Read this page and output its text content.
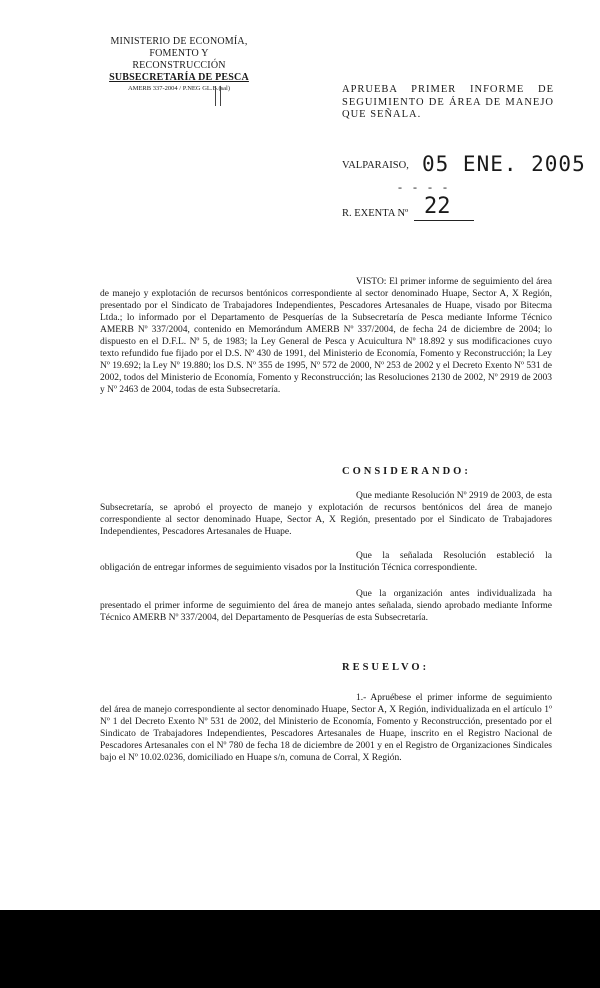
MINISTERIO DE ECONOMÍA,
FOMENTO Y RECONSTRUCCIÓN
SUBSECRETARÍA DE PESCA
AMERB 337-2004 / P.NEG GL.B.(sal)	APRUEBA PRIMER INFORME DE SEGUIMIENTO DE ÁREA DE MANEJO QUE SEÑALA.
VALPARAISO, 05 ENE. 2005
- - - -
R. EXENTA Nº 22
VISTO: El primer informe de seguimiento del área de manejo y explotación de recursos bentónicos correspondiente al sector denominado Huape, Sector A, X Región, presentado por el Sindicato de Trabajadores Independientes, Pescadores Artesanales de Huape, visado por Bitecma Ltda.; lo informado por el Departamento de Pesquerías de la Subsecretaría de Pesca mediante Informe Técnico AMERB Nº 337/2004, contenido en Memorándum AMERB Nº 337/2004, de fecha 24 de diciembre de 2004; lo dispuesto en el D.F.L. Nº 5, de 1983; la Ley General de Pesca y Acuicultura Nº 18.892 y sus modificaciones cuyo texto refundido fue fijado por el D.S. Nº 430 de 1991, del Ministerio de Economía, Fomento y Reconstrucción; la Ley Nº 19.692; la Ley Nº 19.880; los D.S. Nº 355 de 1995, Nº 572 de 2000, Nº 253 de 2002 y el Decreto Exento Nº 531 de 2002, todos del Ministerio de Economía, Fomento y Reconstrucción; las Resoluciones 2130 de 2002, Nº 2919 de 2003 y Nº 2463 de 2004, todas de esta Subsecretaría.
CONSIDERANDO:
Que mediante Resolución Nº 2919 de 2003, de esta Subsecretaría, se aprobó el proyecto de manejo y explotación de recursos bentónicos del área de manejo correspondiente al sector denominado Huape, Sector A, X Región, presentado por el Sindicato de Trabajadores Independientes, Pescadores Artesanales de Huape.
Que la señalada Resolución estableció la obligación de entregar informes de seguimiento visados por la Institución Técnica correspondiente.
Que la organización antes individualizada ha presentado el primer informe de seguimiento del área de manejo antes señalada, siendo aprobado mediante Informe Técnico AMERB Nº 337/2004, del Departamento de Pesquerías de esta Subsecretaría.
RESUELVO:
1.- Apruébese el primer informe de seguimiento del área de manejo correspondiente al sector denominado Huape, Sector A, X Región, individualizada en el artículo 1º Nº 1 del Decreto Exento Nº 531 de 2002, del Ministerio de Economía, Fomento y Reconstrucción, presentado por el Sindicato de Trabajadores Independientes, Pescadores Artesanales de Huape, inscrito en el Registro Nacional de Pescadores Artesanales con el Nº 780 de fecha 18 de diciembre de 2001 y en el Registro de Organizaciones Sindicales bajo el Nº 10.02.0236, domiciliado en Huape s/n, comuna de Corral, X Región.
